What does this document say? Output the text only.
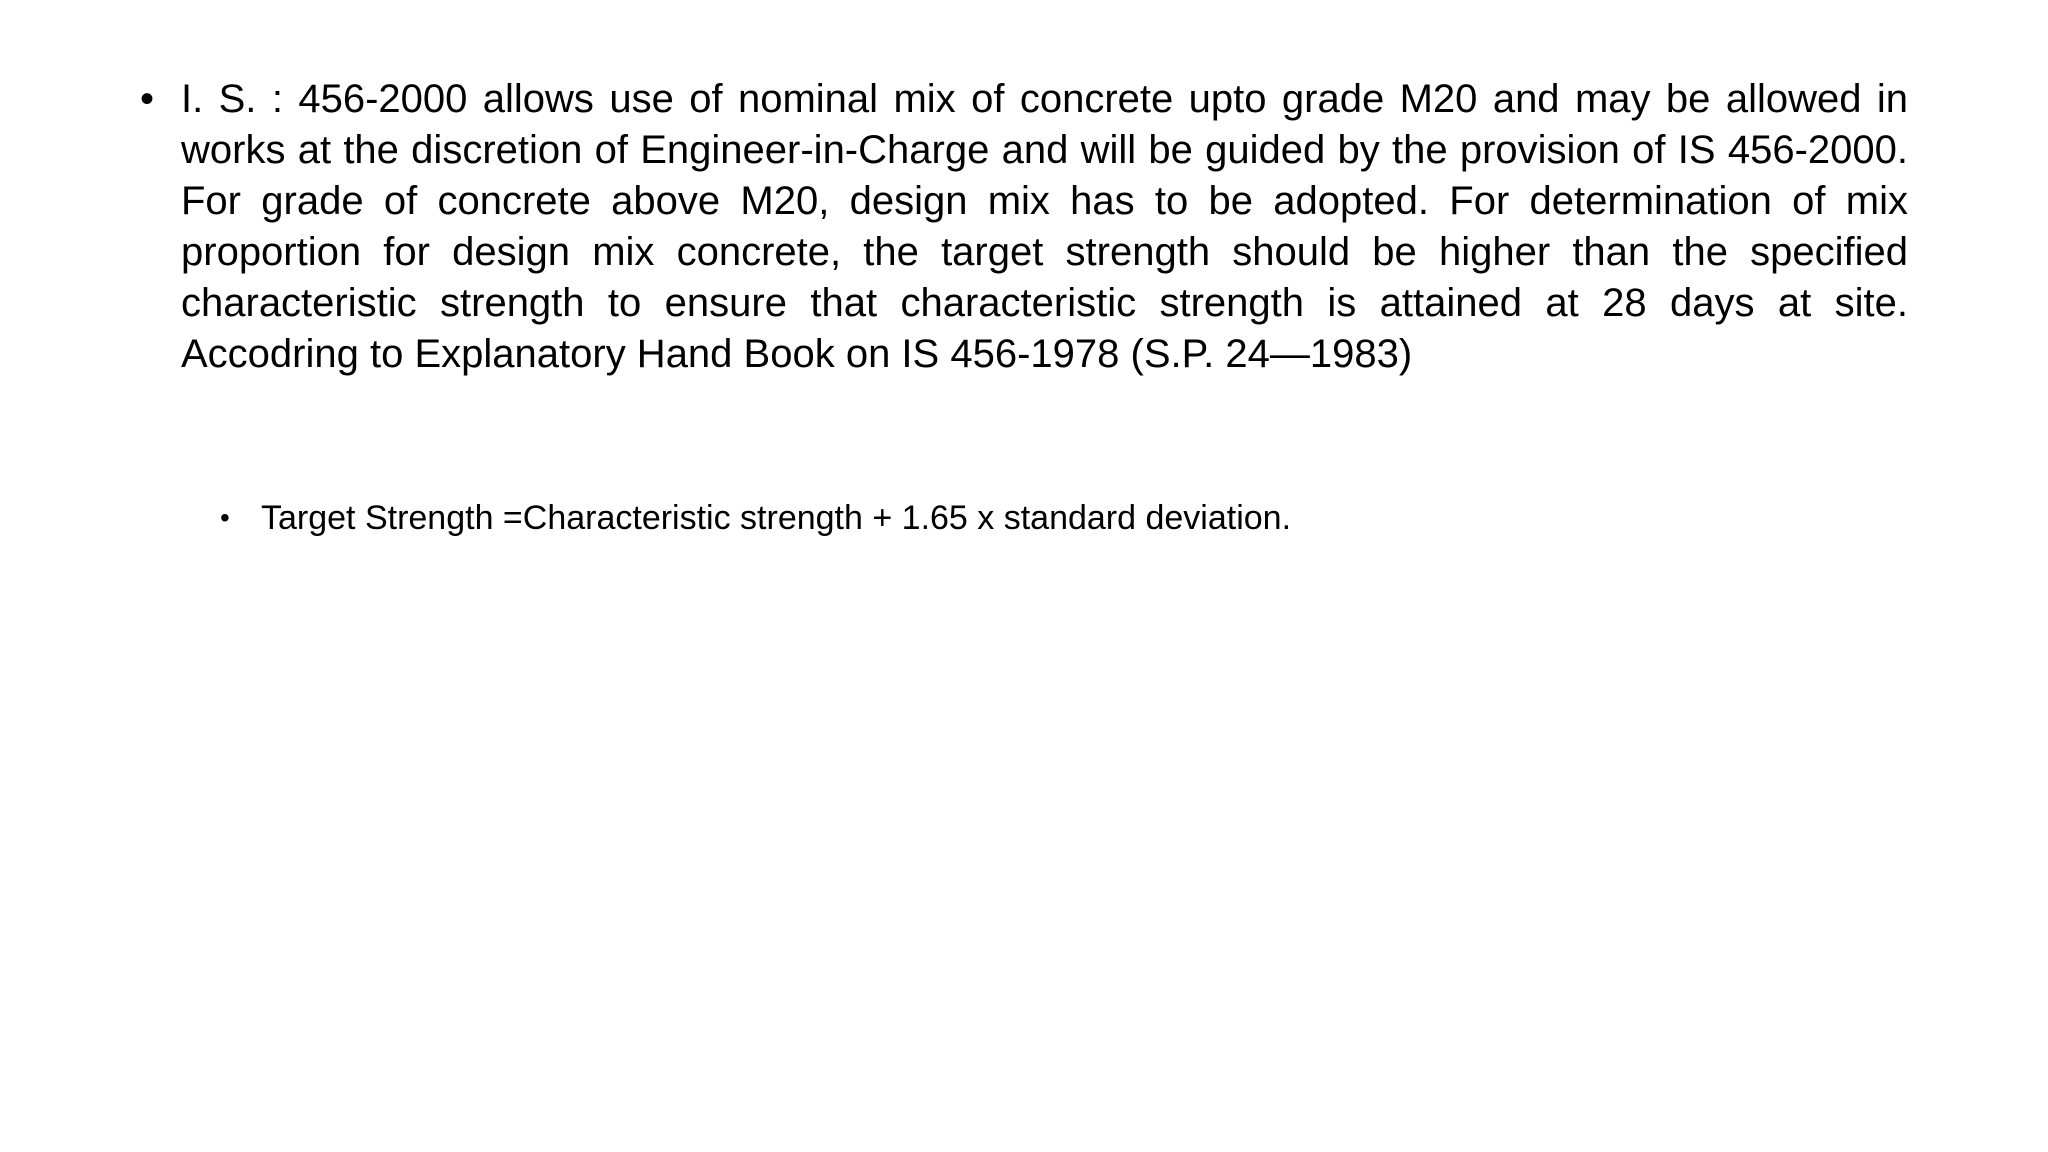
• I. S. : 456-2000 allows use of nominal mix of concrete upto grade M20 and may be allowed in works at the discretion of Engineer-in-Charge and will be guided by the provision of IS 456-2000. For grade of concrete above M20, design mix has to be adopted. For determination of mix proportion for design mix concrete, the target strength should be higher than the specified characteristic strength to ensure that characteristic strength is attained at 28 days at site. Accodring to Explanatory Hand Book on IS 456-1978 (S.P. 24—1983)
• Target Strength =Characteristic strength + 1.65 x standard deviation.
